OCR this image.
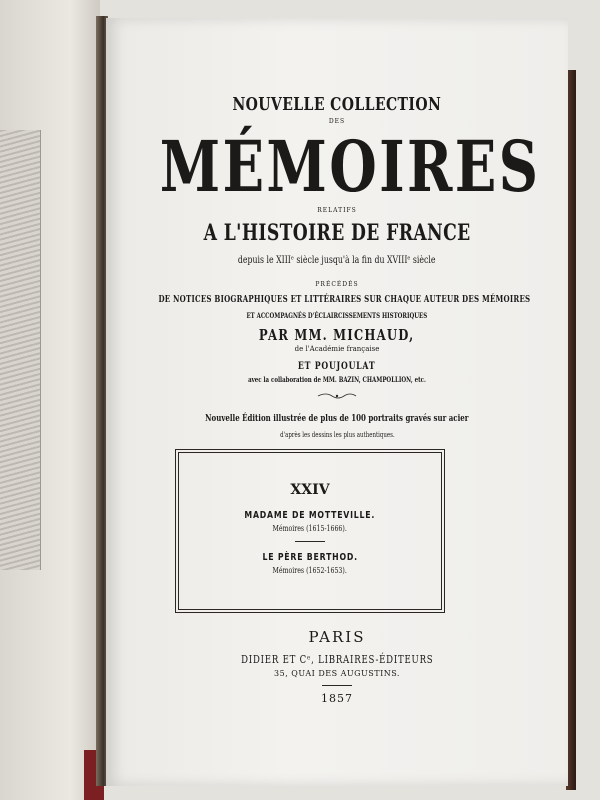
NOUVELLE COLLECTION
DES
MÉMOIRES
RELATIFS
A L'HISTOIRE DE FRANCE
depuis le XIIIᵉ siècle jusqu'à la fin du XVIIIᵉ siècle
PRÉCÉDÉS
DE NOTICES BIOGRAPHIQUES ET LITTÉRAIRES SUR CHAQUE AUTEUR DES MÉMOIRES
ET ACCOMPAGNÉS D'ÉCLAIRCISSEMENTS HISTORIQUES
PAR MM. MICHAUD,
de l'Académie française
ET POUJOULAT
avec la collaboration de MM. BAZIN, CHAMPOLLION, etc.
Nouvelle Édition illustrée de plus de 100 portraits gravés sur acier
d'après les dessins les plus authentiques.
XXIV
MADAME DE MOTTEVILLE.
Mémoires (1615-1666).
LE PÈRE BERTHOD.
Mémoires (1652-1653).
PARIS
DIDIER ET Cᵉ, LIBRAIRES-ÉDITEURS
35, QUAI DES AUGUSTINS.
1857
